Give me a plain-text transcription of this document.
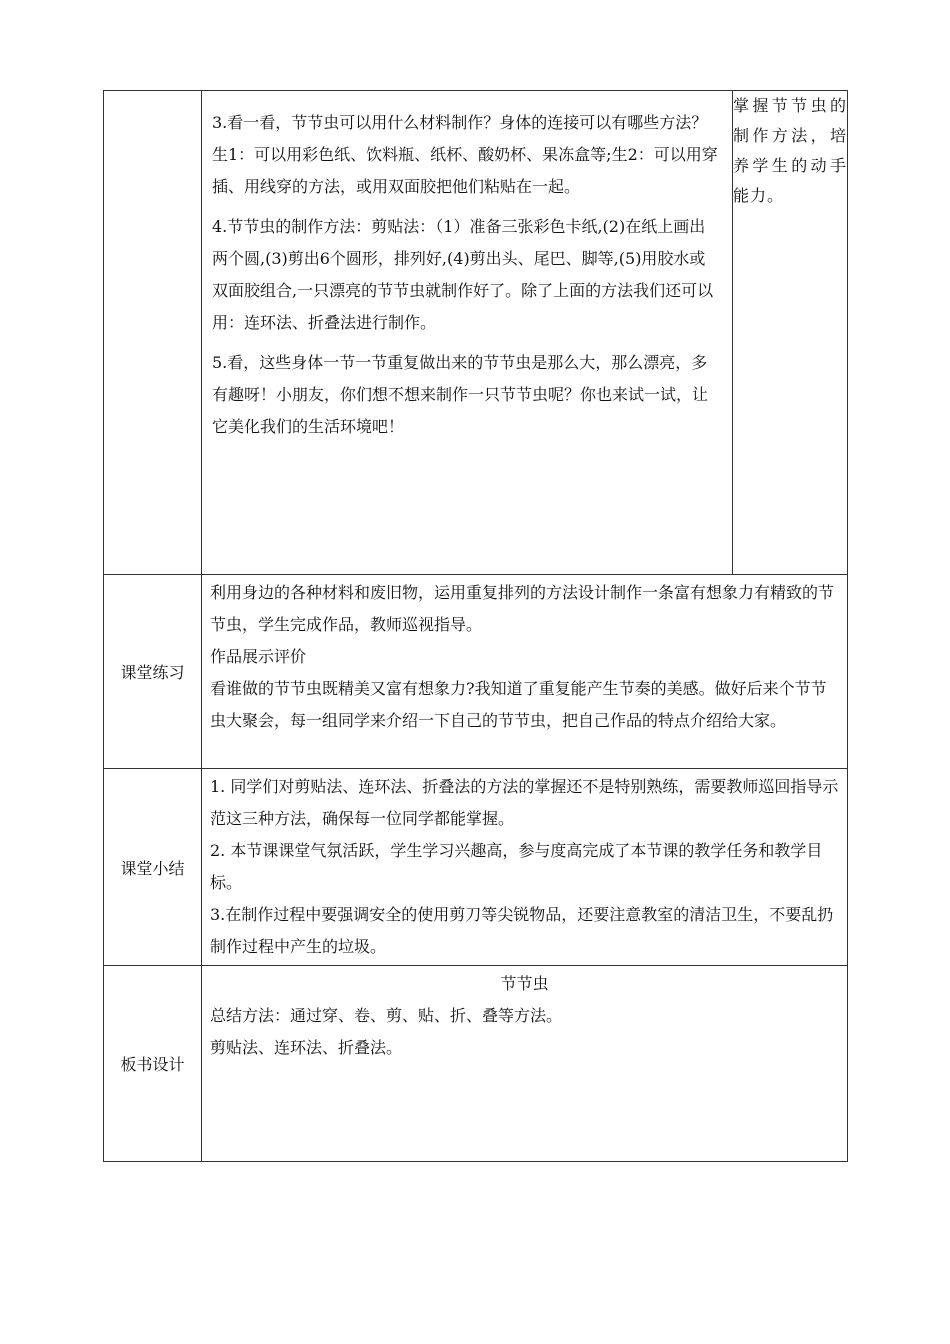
	3.看一看，节节虫可以用什么材料制作？身体的连接可以有哪些方法？生1：可以用彩色纸、饮料瓶、纸杯、酸奶杯、果冻盒等;生2：可以用穿插、用线穿的方法，或用双面胶把他们粘贴在一起。

4.节节虫的制作方法：剪贴法：（1）准备三张彩色卡纸,(2)在纸上画出两个圆,(3)剪出6个圆形，排列好,(4)剪出头、尾巴、脚等,(5)用胶水或双面胶组合,一只漂亮的节节虫就制作好了。除了上面的方法我们还可以用：连环法、折叠法进行制作。

5.看，这些身体一节一节重复做出来的节节虫是那么大，那么漂亮，多有趣呀！小朋友，你们想不想来制作一只节节虫呢？你也来试一试，让它美化我们的生活环境吧！	掌握节节虫的制作方法，培养学生的动手能力。
课堂练习	利用身边的各种材料和废旧物，运用重复排列的方法设计制作一条富有想象力有精致的节节虫，学生完成作品，教师巡视指导。

作品展示评价

看谁做的节节虫既精美又富有想象力?我知道了重复能产生节奏的美感。做好后来个节节虫大聚会，每一组同学来介绍一下自己的节节虫，把自己作品的特点介绍给大家。	

课堂小结	1. 同学们对剪贴法、连环法、折叠法的方法的掌握还不是特别熟练，需要教师巡回指导示范这三种方法，确保每一位同学都能掌握。

2. 本节课课堂气氛活跃，学生学习兴趣高，参与度高完成了本节课的教学任务和教学目标。

3.在制作过程中要强调安全的使用剪刀等尖锐物品，还要注意教室的清洁卫生，不要乱扔制作过程中产生的垃圾。	

板书设计	节节虫

总结方法：通过穿、卷、剪、贴、折、叠等方法。

剪贴法、连环法、折叠法。	
